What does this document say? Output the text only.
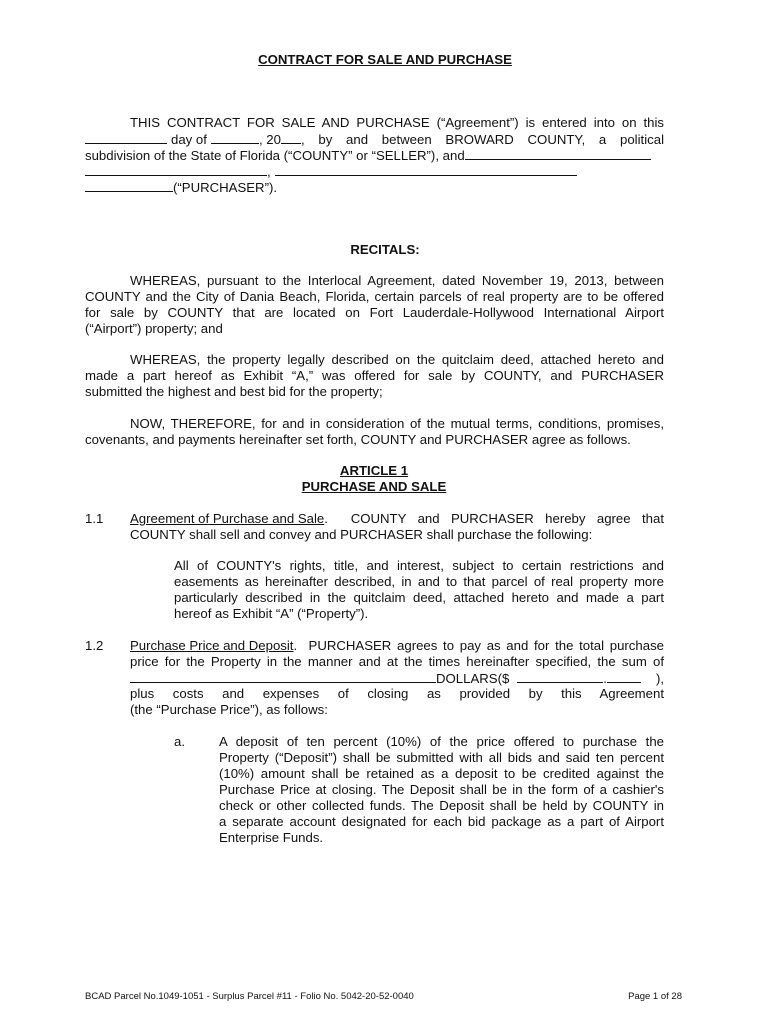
CONTRACT FOR SALE AND PURCHASE
THIS CONTRACT FOR SALE AND PURCHASE (“Agreement”) is entered into on this
day of	, 20 , by and between BROWARD COUNTY, a political
subdivision of the State of Florida (“COUNTY” or “SELLER”), and
,
(“PURCHASER”).
RECITALS:
WHEREAS, pursuant to the Interlocal Agreement, dated November 19, 2013, between
COUNTY and the City of Dania Beach, Florida, certain parcels of real property are to be offered
for sale by COUNTY that are located on Fort Lauderdale-Hollywood International Airport
(“Airport”) property; and
WHEREAS, the property legally described on the quitclaim deed, attached hereto and
made a part hereof as Exhibit “A,” was offered for sale by COUNTY, and PURCHASER
submitted the highest and best bid for the property;
NOW, THEREFORE, for and in consideration of the mutual terms, conditions, promises,
covenants, and payments hereinafter set forth, COUNTY and PURCHASER agree as follows.
ARTICLE 1
PURCHASE AND SALE
1.1 Agreement of Purchase and Sale .  COUNTY and PURCHASER hereby agree that
COUNTY shall sell and convey and PURCHASER shall purchase the following:
All of COUNTY's rights, title, and interest, subject to certain restrictions and
easements as hereinafter described, in and to that parcel of real property more
particularly described in the quitclaim deed, attached hereto and made a part
hereof as Exhibit “A” (“Property”).
1.2 Purchase Price and Deposit .  PURCHASER agrees to pay as and for the total purchase
price for the Property in the manner and at the times hereinafter specified, the sum of
DOLLARS($	.	),
plus costs and expenses of closing as provided by this Agreement
(the “Purchase Price”), as follows:
a.	A deposit of ten percent (10%) of the price offered to purchase the
Property (“Deposit”) shall be submitted with all bids and said ten percent
(10%) amount shall be retained as a deposit to be credited against the
Purchase Price at closing. The Deposit shall be in the form of a cashier's
check or other collected funds. The Deposit shall be held by COUNTY in
a separate account designated for each bid package as a part of Airport
Enterprise Funds.
BCAD Parcel No.1049-1051 - Surplus Parcel #11 - Folio No. 5042-20-52-0040	Page 1 of 28
